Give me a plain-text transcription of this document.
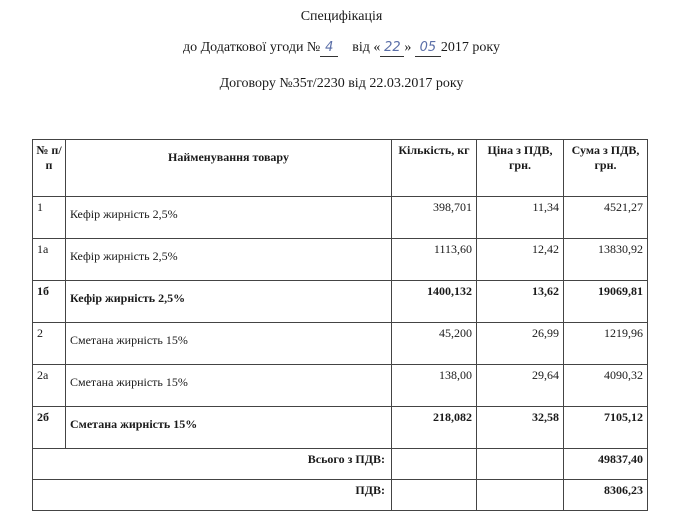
Специфікація
до Додаткової угоди № 4 від « 22 » 05 2017 року
Договору №35т/2230 від 22.03.2017 року
№ п/п	Найменування товару	Кількість, кг	Ціна з ПДВ, грн.	Сума з ПДВ, грн.
1	Кефір жирність 2,5%	398,701	11,34	4521,27
1а	Кефір жирність 2,5%	1113,60	12,42	13830,92
1б	Кефір жирність 2,5%	1400,132	13,62	19069,81
2	Сметана жирність 15%	45,200	26,99	1219,96
2а	Сметана жирність 15%	138,00	29,64	4090,32
2б	Сметана жирність 15%	218,082	32,58	7105,12
Всього з ПДВ:				49837,40
ПДВ:				8306,23
